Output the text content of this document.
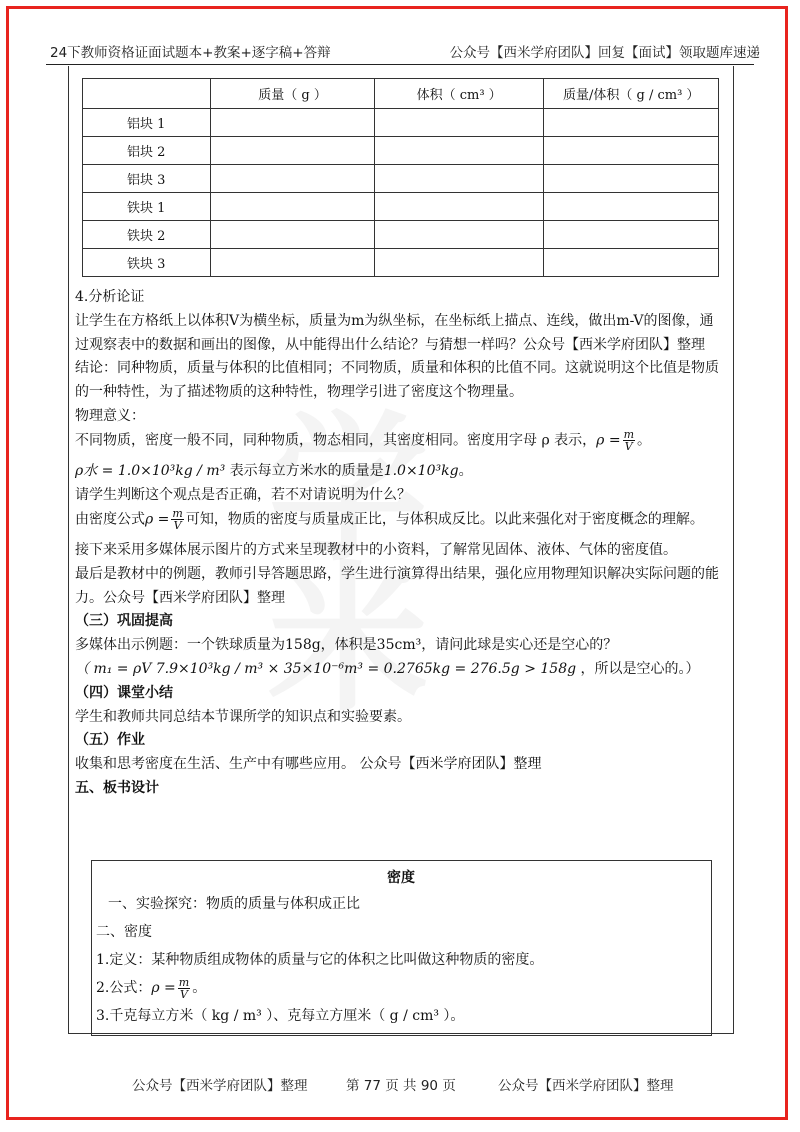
24下教师资格证面试题本+教案+逐字稿+答辩	公众号【西米学府团队】回复【面试】领取题库速递
	质量（ g ）	体积（ cm³ ）	质量/体积（ g / cm³ ）
铝块 1			
铝块 2			
铝块 3			
铁块 1			
铁块 2			
铁块 3			

4.分析论证

让学生在方格纸上以体积V为横坐标，质量为m为纵坐标，在坐标纸上描点、连线，做出m-V的图像，通过观察表中的数据和画出的图像，从中能得出什么结论？与猜想一样吗？公众号【西米学府团队】整理

结论：同种物质，质量与体积的比值相同；不同物质，质量和体积的比值不同。这就说明这个比值是物质的一种特性，为了描述物质的这种特性，物理学引进了密度这个物理量。

物理意义：

不同物质，密度一般不同，同种物质，物态相同，其密度相同。密度用字母 ρ 表示，$\rho = \frac{m}{V}$ 。

ρ水 = 1.0×10³kg / m³ 表示每立方米水的质量是1.0×10³kg。

请学生判断这个观点是否正确，若不对请说明为什么？

由密度公式$\rho = \frac{m}{V}$ 可知，物质的密度与质量成正比，与体积成反比。以此来强化对于密度概念的理解。

接下来采用多媒体展示图片的方式来呈现教材中的小资料，了解常见固体、液体、气体的密度值。

最后是教材中的例题，教师引导答题思路，学生进行演算得出结果，强化应用物理知识解决实际问题的能力。公众号【西米学府团队】整理

（三）巩固提高

多媒体出示例题：一个铁球质量为158g，体积是35cm³，请问此球是实心还是空心的？

（ m₁ = ρV 7.9×10³kg / m³ × 35×10⁻⁶m³ = 0.2765kg = 276.5g > 158g ，所以是空心的。）

（四）课堂小结

学生和教师共同总结本节课所学的知识点和实验要素。

（五）作业

收集和思考密度在生活、生产中有哪些应用。 公众号【西米学府团队】整理

五、板书设计

密度

一、实验探究：物质的质量与体积成正比

二、密度

1.定义：某种物质组成物体的质量与它的体积之比叫做这种物质的密度。

2.公式：$\rho = \frac{m}{V}$ 。

3.千克每立方米（ kg / m³ ）、克每立方厘米（ g / cm³ ）。

公众号【西米学府团队】整理	第 77 页 共 90 页	公众号【西米学府团队】整理
